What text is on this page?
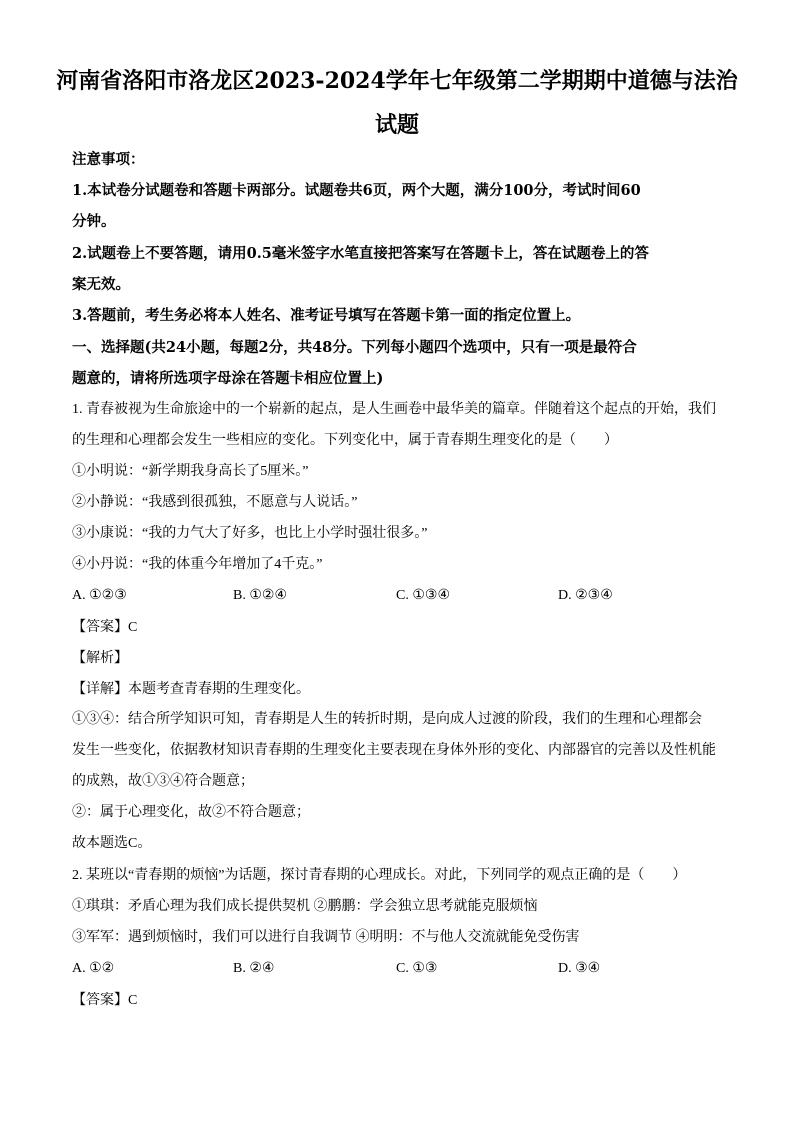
河南省洛阳市洛龙区2023-2024学年七年级第二学期期中道德与法治
试题
注意事项：
1.本试卷分试题卷和答题卡两部分。试题卷共6页，两个大题，满分100分，考试时间60
分钟。
2.试题卷上不要答题，请用0.5毫米签字水笔直接把答案写在答题卡上，答在试题卷上的答
案无效。
3.答题前，考生务必将本人姓名、准考证号填写在答题卡第一面的指定位置上。
一、选择题(共24小题，每题2分，共48分。下列每小题四个选项中，只有一项是最符合
题意的，请将所选项字母涂在答题卡相应位置上)
1. 青春被视为生命旅途中的一个崭新的起点，是人生画卷中最华美的篇章。伴随着这个起点的开始，我们
的生理和心理都会发生一些相应的变化。下列变化中，属于青春期生理变化的是（　　）
①小明说：“新学期我身高长了5厘米。”
②小静说：“我感到很孤独，不愿意与人说话。”
③小康说：“我的力气大了好多，也比上小学时强壮很多。”
④小丹说：“我的体重今年增加了4千克。”
A. ①②③	B. ①②④	C. ①③④	D. ②③④
【答案】C
【解析】
【详解】本题考查青春期的生理变化。
①③④：结合所学知识可知，青春期是人生的转折时期，是向成人过渡的阶段，我们的生理和心理都会
发生一些变化，依据教材知识青春期的生理变化主要表现在身体外形的变化、内部器官的完善以及性机能
的成熟，故①③④符合题意；
②：属于心理变化，故②不符合题意；
故本题选C。
2. 某班以“青春期的烦恼”为话题，探讨青春期的心理成长。对此，下列同学的观点正确的是（　　）
①琪琪：矛盾心理为我们成长提供契机 ②鹏鹏：学会独立思考就能克服烦恼
③军军：遇到烦恼时，我们可以进行自我调节 ④明明：不与他人交流就能免受伤害
A. ①②	B. ②④	C. ①③	D. ③④
【答案】C
